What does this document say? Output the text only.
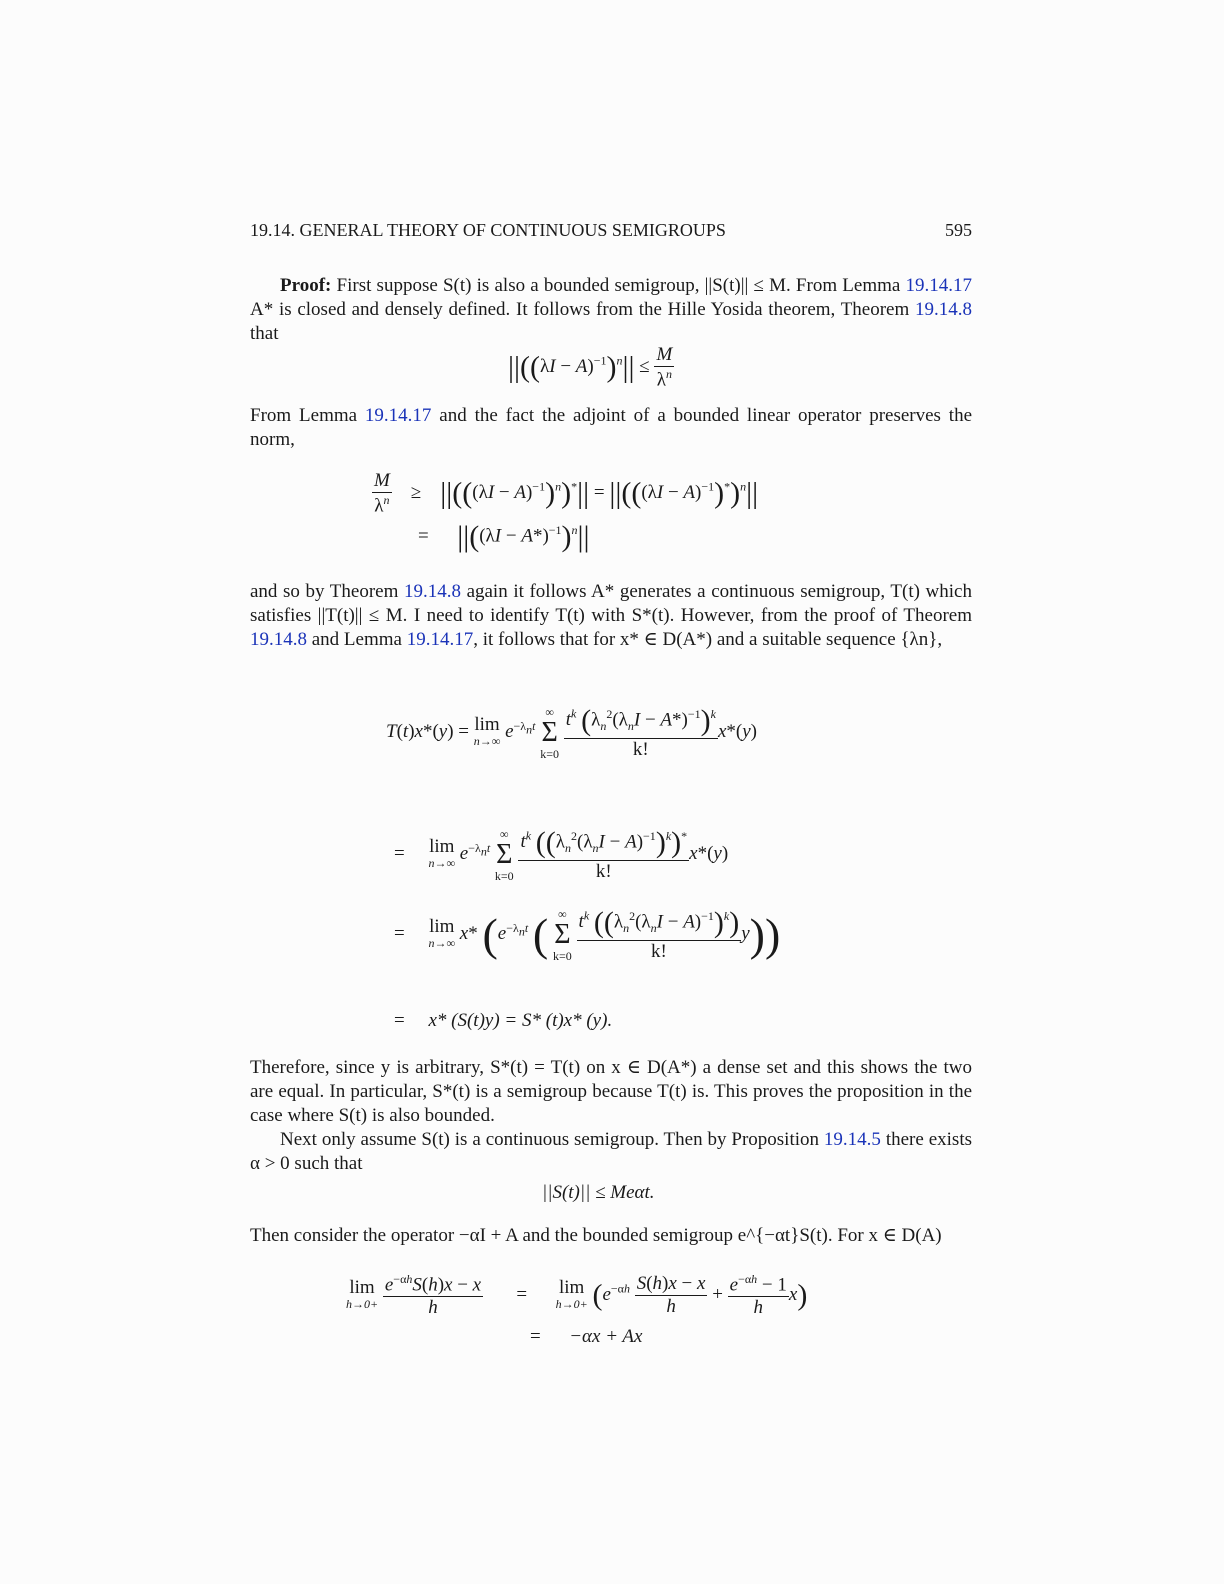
19.14. GENERAL THEORY OF CONTINUOUS SEMIGROUPS	595
Proof: First suppose S(t) is also a bounded semigroup, ||S(t)|| ≤ M. From Lemma 19.14.17 A* is closed and densely defined. It follows from the Hille Yosida theorem, Theorem 19.14.8 that
$||((\lambda I - A)^{-1})^n|| \le \frac{M}{\lambda^n}$
From Lemma 19.14.17 and the fact the adjoint of a bounded linear operator preserves the norm,
$\frac{M}{\lambda^n} \ge ||(((\lambda I - A)^{-1})^n)^*|| = ||(((\lambda I - A)^{-1})^*)^n||$
= $||((\lambda I - A*)^{-1})^n||$
and so by Theorem 19.14.8 again it follows A* generates a continuous semigroup, T(t) which satisfies ||T(t)|| ≤ M. I need to identify T(t) with S*(t). However, from the proof of Theorem 19.14.8 and Lemma 19.14.17, it follows that for x* ∈ D(A*) and a suitable sequence {λn},
T(t)x*(y) = lim
n→∞ $e^{-\lambda_nt}$ ∞
Σ
$k=0 \frac{t^k (\lambda_n^2(\lambda_nI - A*)^{-1})^k}{k!} x*(y)$
= lim
n→∞ $e^{-\lambda_nt}$ ∞
Σ
$k=0 \frac{t^k ((\lambda_n^2(\lambda_nI - A)^{-1})^k)^*}{k!} x*(y)$
= lim
n→∞ x* ($e^{-\lambda_nt}$ ( ∞
Σ
$k=0 \frac{t^k ((\lambda_n^2(\lambda_nI - A)^{-1})^k)}{k!} y$))
= x* (S(t)y) = S* (t)x* (y).
Therefore, since y is arbitrary, S*(t) = T(t) on x ∈ D(A*) a dense set and this shows the two are equal. In particular, S*(t) is a semigroup because T(t) is. This proves the proposition in the case where S(t) is also bounded.
Next only assume S(t) is a continuous semigroup. Then by Proposition 19.14.5 there exists α > 0 such that
||S(t)|| ≤ Meαt.
Then consider the operator −αI + A and the bounded semigroup e^{−αt}S(t). For x ∈ D(A)
lim
h→0+
$\frac{e^{-\alpha h}S(h)x - x}{h} = \lim$
$h\to 0+ (e^{-\alpha h} \frac{S(h)x - x}{h} + \frac{e^{-\alpha h} - 1}{h} x)$
= −αx + Ax
